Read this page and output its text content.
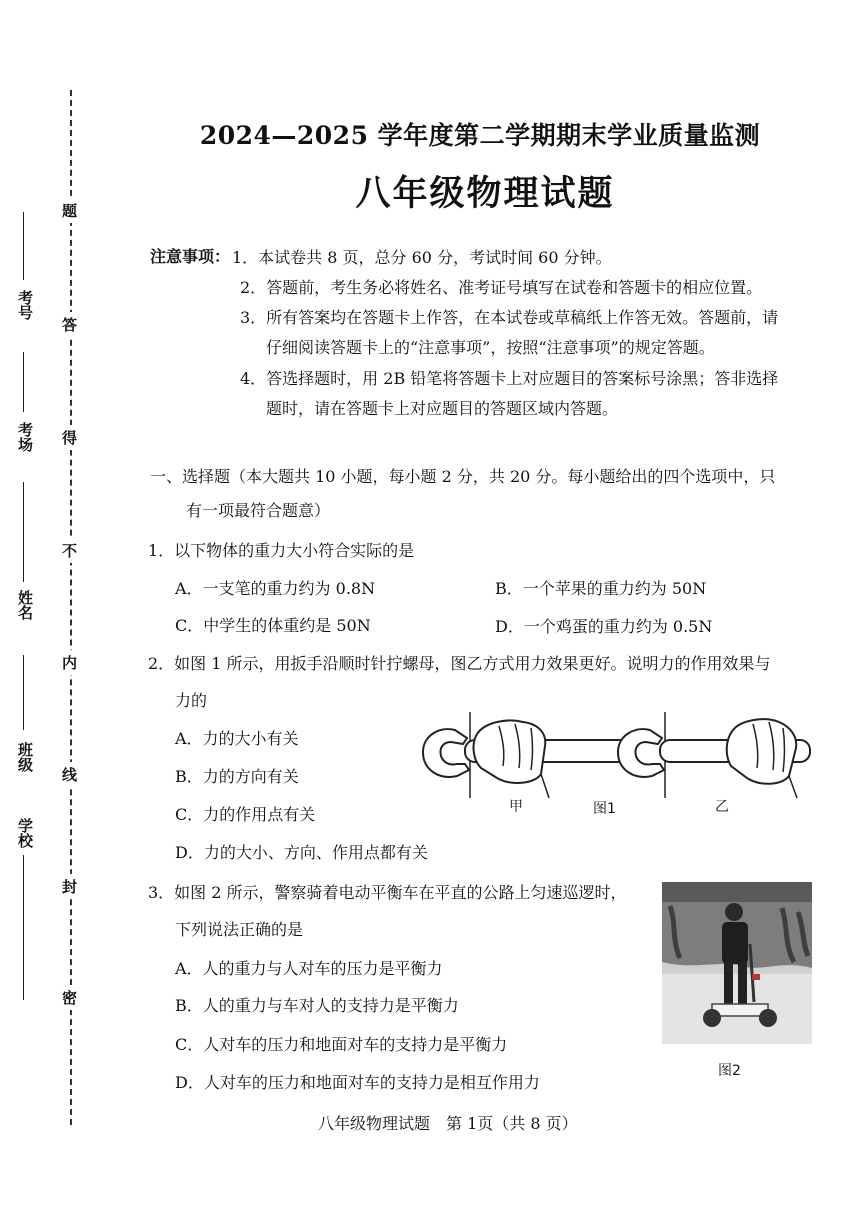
题
答
得
不
内
线
封
密
考号
考场
姓名
班级
学校
2024—2025 学年度第二学期期末学业质量监测
八年级物理试题
注意事项： 1．本试卷共 8 页，总分 60 分，考试时间 60 分钟。
2．答题前，考生务必将姓名、准考证号填写在试卷和答题卡的相应位置。
3．所有答案均在答题卡上作答，在本试卷或草稿纸上作答无效。答题前，请
仔细阅读答题卡上的“注意事项”，按照“注意事项”的规定答题。
4．答选择题时，用 2B 铅笔将答题卡上对应题目的答案标号涂黑；答非选择
题时，请在答题卡上对应题目的答题区域内答题。
一、选择题（本大题共 10 小题，每小题 2 分，共 20 分。每小题给出的四个选项中，只
有一项最符合题意）
1．以下物体的重力大小符合实际的是
A．一支笔的重力约为 0.8N	B．一个苹果的重力约为 50N
C．中学生的体重约是 50N	D．一个鸡蛋的重力约为 0.5N
2．如图 1 所示，用扳手沿顺时针拧螺母，图乙方式用力效果更好。说明力的作用效果与
力的
A．力的大小有关
B．力的方向有关
C．力的作用点有关
D．力的大小、方向、作用点都有关
甲	图1	乙
3．如图 2 所示，警察骑着电动平衡车在平直的公路上匀速巡逻时，
下列说法正确的是
A．人的重力与人对车的压力是平衡力
B．人的重力与车对人的支持力是平衡力
C．人对车的压力和地面对车的支持力是平衡力
D．人对车的压力和地面对车的支持力是相互作用力
图2
八年级物理试题　第 1页（共 8 页）
